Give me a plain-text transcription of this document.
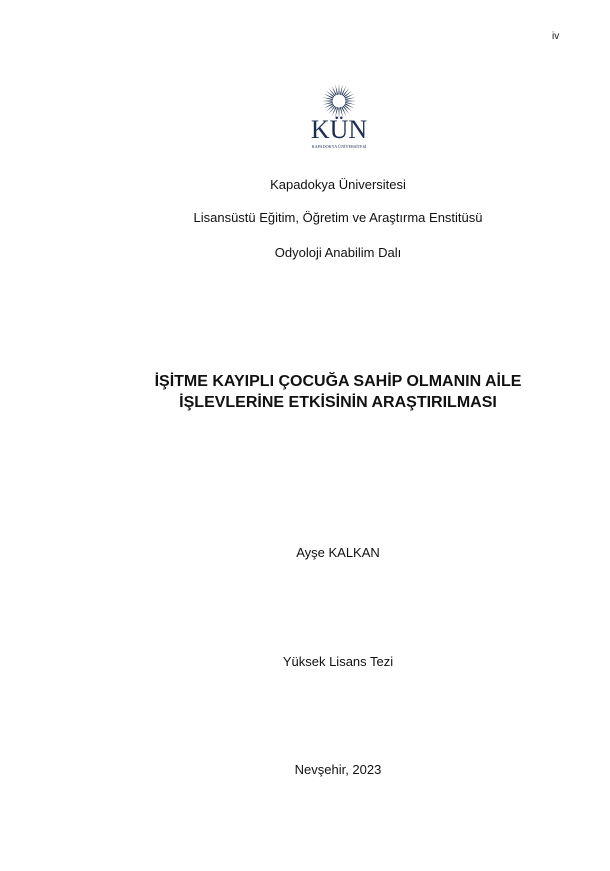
iv
KÜN
KAPADOKYA ÜNİVERSİTESİ
Kapadokya Üniversitesi
Lisansüstü Eğitim, Öğretim ve Araştırma Enstitüsü
Odyoloji Anabilim Dalı
İŞİTME KAYIPLI ÇOCUĞA SAHİP OLMANIN AİLE
İŞLEVLERİNE ETKİSİNİN ARAŞTIRILMASI
Ayşe KALKAN
Yüksek Lisans Tezi
Nevşehir, 2023
